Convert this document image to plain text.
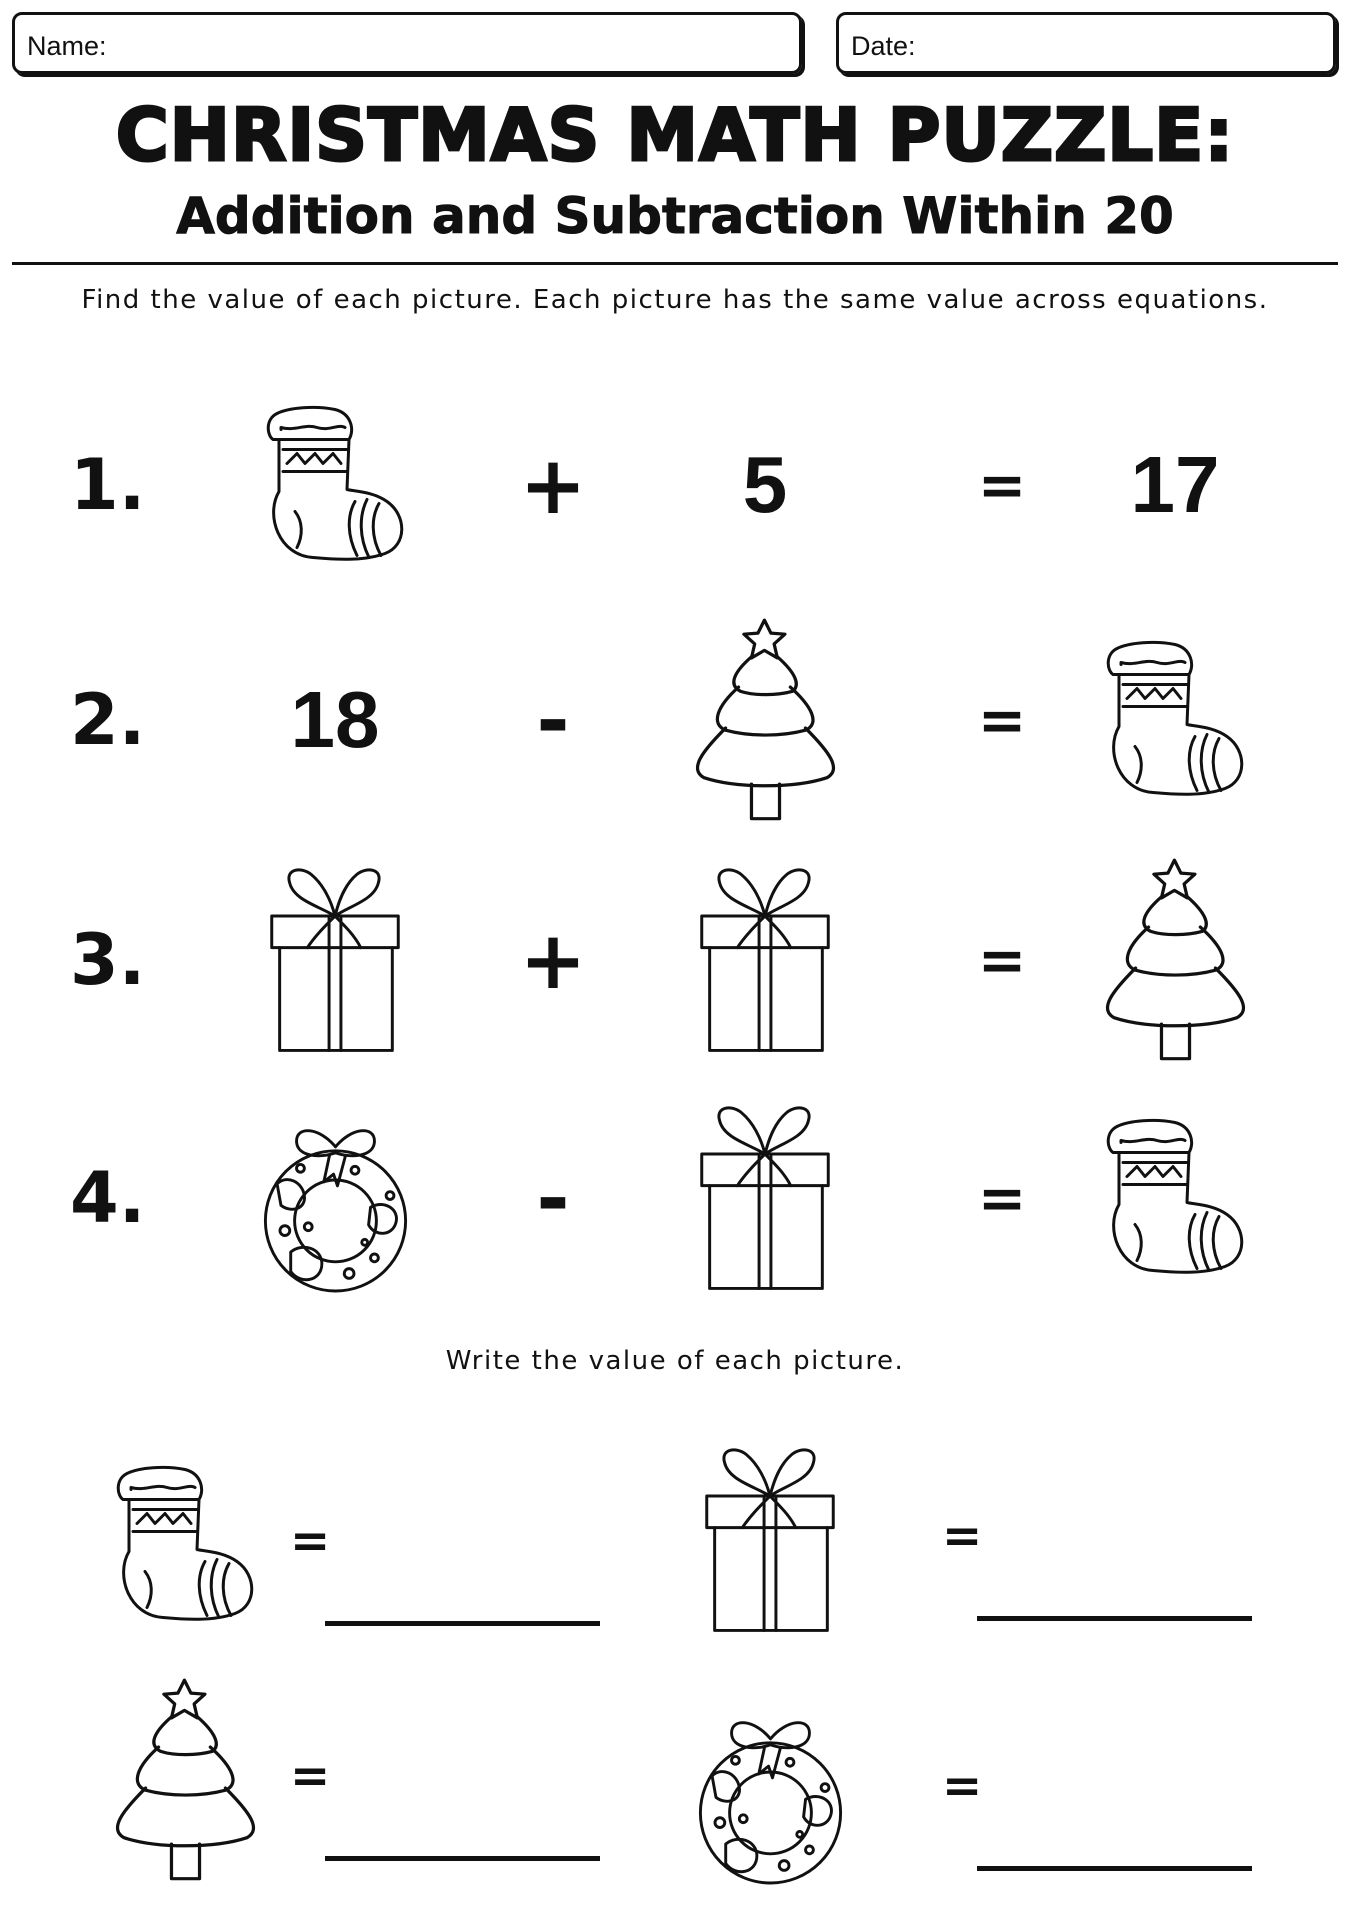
Name:	Date:
CHRISTMAS MATH PUZZLE:
Addition and Subtraction Within 20
Find the value of each picture. Each picture has the same value across equations.
1.	+	5	=	17
2.	18	-	=
3.	+	=
4.	-	=
Write the value of each picture.
=	=
=	=
